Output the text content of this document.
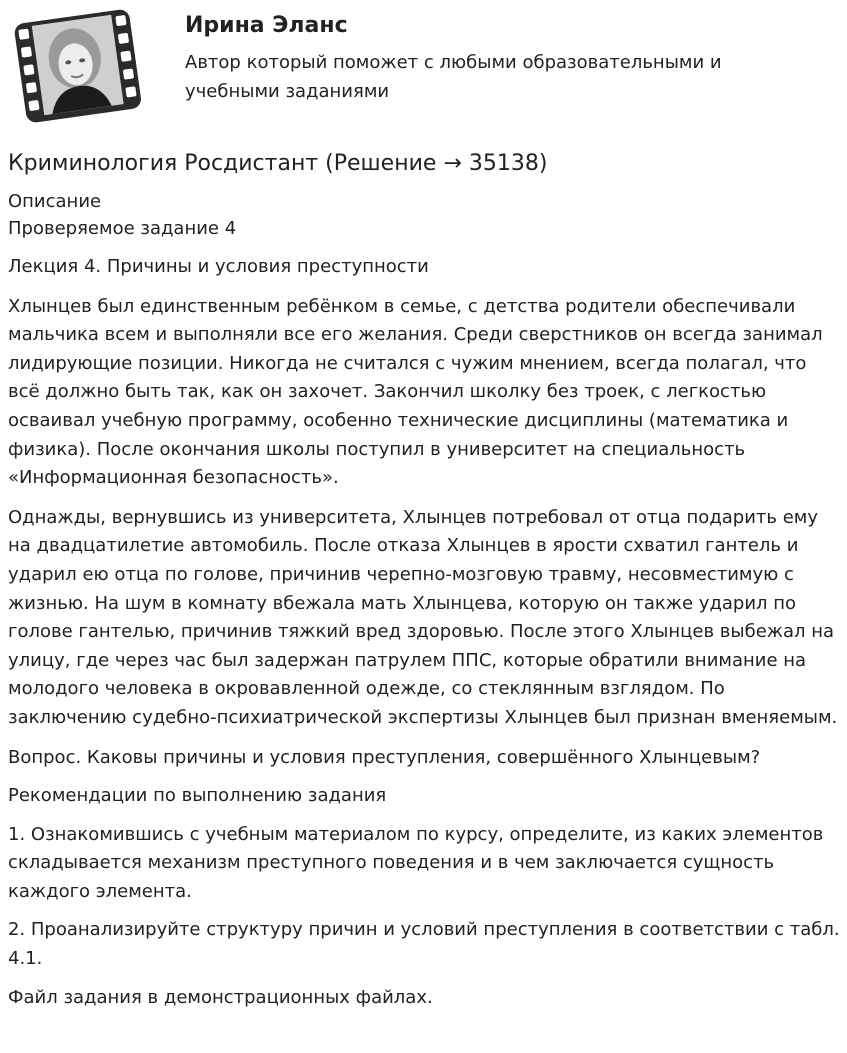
Ирина Эланс

Автор который поможет с любыми образовательными и учебными заданиями

Криминология Росдистант (Решение → 35138)

Описание

Проверяемое задание 4

Лекция 4. Причины и условия преступности

Хлынцев был единственным ребёнком в семье, с детства родители обеспечивали мальчика всем и выполняли все его желания. Среди сверстников он всегда занимал лидирующие позиции. Никогда не считался с чужим мнением, всегда полагал, что всё должно быть так, как он захочет. Закончил школку без троек, с легкостью осваивал учебную программу, особенно технические дисциплины (математика и физика). После окончания школы поступил в университет на специальность «Информационная безопасность».

Однажды, вернувшись из университета, Хлынцев потребовал от отца подарить ему на двадцатилетие автомобиль. После отказа Хлынцев в ярости схватил гантель и ударил ею отца по голове, причинив черепно-мозговую травму, несовместимую с жизнью. На шум в комнату вбежала мать Хлынцева, которую он также ударил по голове гантелью, причинив тяжкий вред здоровью. После этого Хлынцев выбежал на улицу, где через час был задержан патрулем ППС, которые обратили внимание на молодого человека в окровавленной одежде, со стеклянным взглядом. По заключению судебно-психиатрической экспертизы Хлынцев был признан вменяемым.

Вопрос. Каковы причины и условия преступления, совершённого Хлынцевым?

Рекомендации по выполнению задания

1. Ознакомившись с учебным материалом по курсу, определите, из каких элементов складывается механизм преступного поведения и в чем заключается сущность каждого элемента.

2. Проанализируйте структуру причин и условий преступления в соответствии с табл. 4.1.

Файл задания в демонстрационных файлах.
